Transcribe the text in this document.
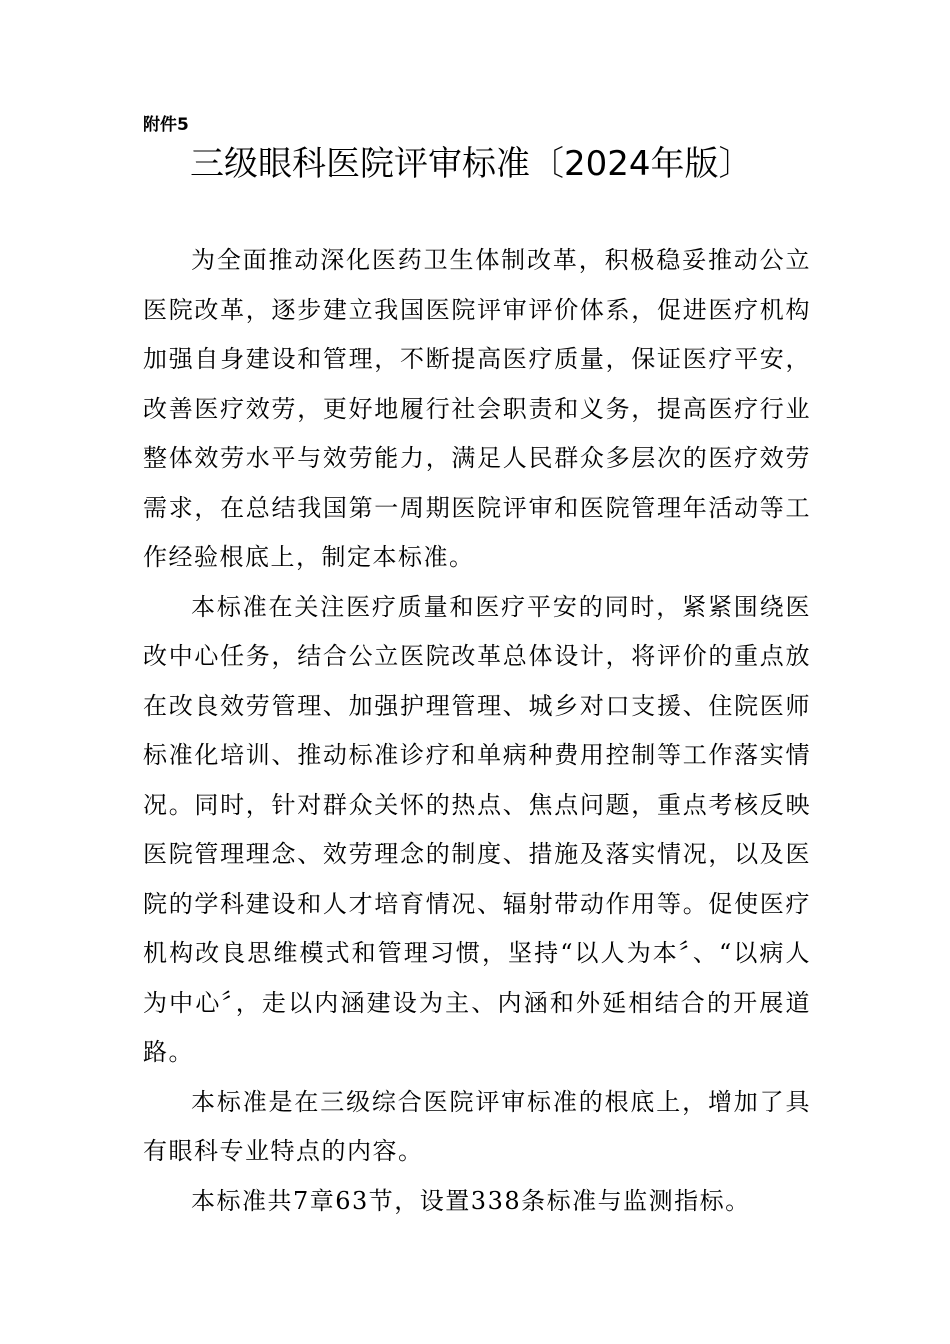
附件5
三级眼科医院评审标准〔2024年版〕

为全面推动深化医药卫生体制改革，积极稳妥推动公立医院改革，逐步建立我国医院评审评价体系，促进医疗机构加强自身建设和管理，不断提高医疗质量，保证医疗平安，改善医疗效劳，更好地履行社会职责和义务，提高医疗行业整体效劳水平与效劳能力，满足人民群众多层次的医疗效劳需求，在总结我国第一周期医院评审和医院管理年活动等工作经验根底上，制定本标准。

本标准在关注医疗质量和医疗平安的同时，紧紧围绕医改中心任务，结合公立医院改革总体设计，将评价的重点放在改良效劳管理、加强护理管理、城乡对口支援、住院医师标准化培训、推动标准诊疗和单病种费用控制等工作落实情况。同时，针对群众关怀的热点、焦点问题，重点考核反映医院管理理念、效劳理念的制度、措施及落实情况，以及医院的学科建设和人才培育情况、辐射带动作用等。促使医疗机构改良思维模式和管理习惯，坚持“以人为本〞、“以病人为中心〞，走以内涵建设为主、内涵和外延相结合的开展道路。

本标准是在三级综合医院评审标准的根底上，增加了具有眼科专业特点的内容。

本标准共7章63节，设置338条标准与监测指标。
